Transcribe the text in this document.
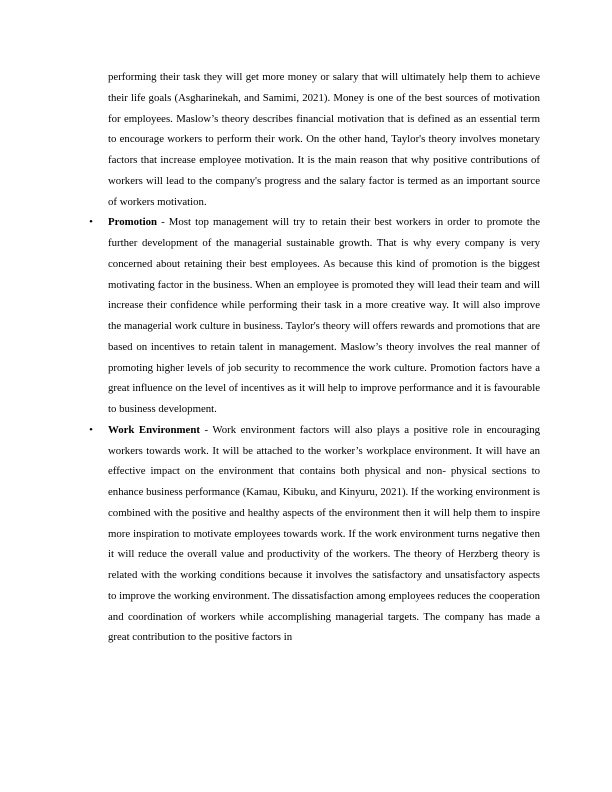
performing their task they will get more money or salary that will ultimately help them to achieve their life goals (Asgharinekah, and Samimi, 2021). Money is one of the best sources of motivation for employees. Maslow’s theory describes financial motivation that is defined as an essential term to encourage workers to perform their work. On the other hand, Taylor's theory involves monetary factors that increase employee motivation. It is the main reason that why positive contributions of workers will lead to the company's progress and the salary factor is termed as an important source of workers motivation.

• Promotion - Most top management will try to retain their best workers in order to promote the further development of the managerial sustainable growth. That is why every company is very concerned about retaining their best employees. As because this kind of promotion is the biggest motivating factor in the business. When an employee is promoted they will lead their team and will increase their confidence while performing their task in a more creative way. It will also improve the managerial work culture in business. Taylor's theory will offers rewards and promotions that are based on incentives to retain talent in management. Maslow’s theory involves the real manner of promoting higher levels of job security to recommence the work culture. Promotion factors have a great influence on the level of incentives as it will help to improve performance and it is favourable to business development.
• Work Environment - Work environment factors will also plays a positive role in encouraging workers towards work. It will be attached to the worker’s workplace environment. It will have an effective impact on the environment that contains both physical and non- physical sections to enhance business performance (Kamau, Kibuku, and Kinyuru, 2021). If the working environment is combined with the positive and healthy aspects of the environment then it will help them to inspire more inspiration to motivate employees towards work. If the work environment turns negative then it will reduce the overall value and productivity of the workers. The theory of Herzberg theory is related with the working conditions because it involves the satisfactory and unsatisfactory aspects to improve the working environment. The dissatisfaction among employees reduces the cooperation and coordination of workers while accomplishing managerial targets. The company has made a great contribution to the positive factors in
